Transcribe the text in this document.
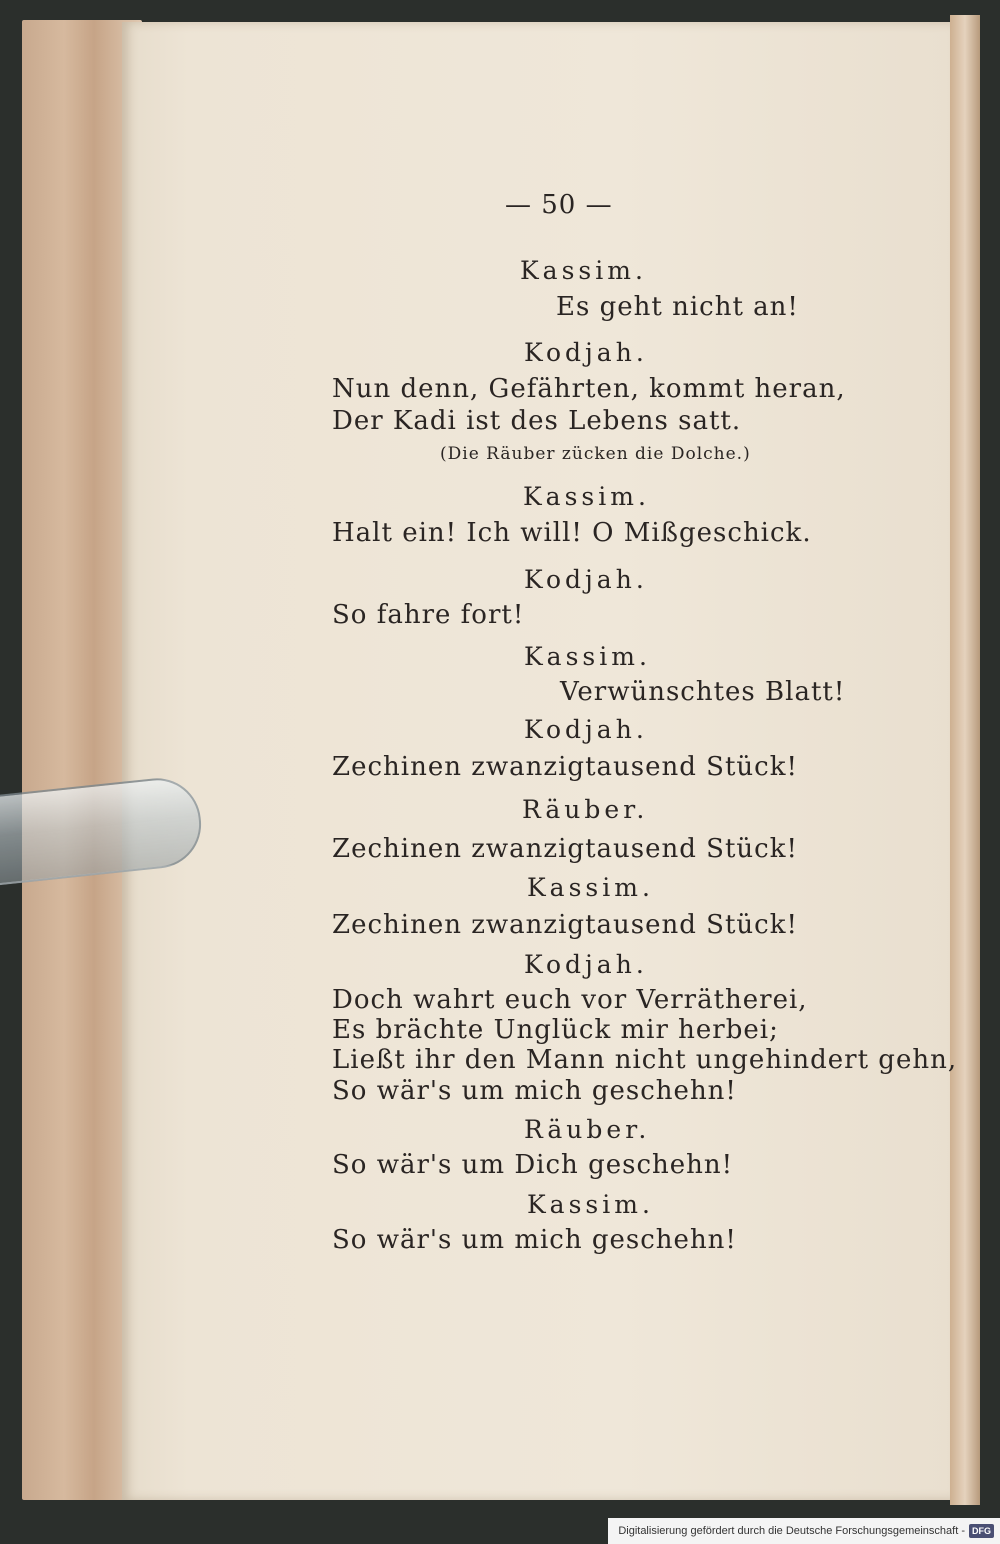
— 50 —
Kassim.
Es geht nicht an!
Kodjah.
Nun denn, Gefährten, kommt heran,
Der Kadi ist des Lebens satt.
(Die Räuber zücken die Dolche.)
Kassim.
Halt ein! Ich will! O Mißgeschick.
Kodjah.
So fahre fort!
Kassim.
Verwünschtes Blatt!
Kodjah.
Zechinen zwanzigtausend Stück!
Räuber.
Zechinen zwanzigtausend Stück!
Kassim.
Zechinen zwanzigtausend Stück!
Kodjah.
Doch wahrt euch vor Verrätherei,
Es brächte Unglück mir herbei;
Ließt ihr den Mann nicht ungehindert gehn,
So wär's um mich geschehn!
Räuber.
So wär's um Dich geschehn!
Kassim.
So wär's um mich geschehn!
Digitalisierung gefördert durch die Deutsche Forschungsgemeinschaft - DFG
